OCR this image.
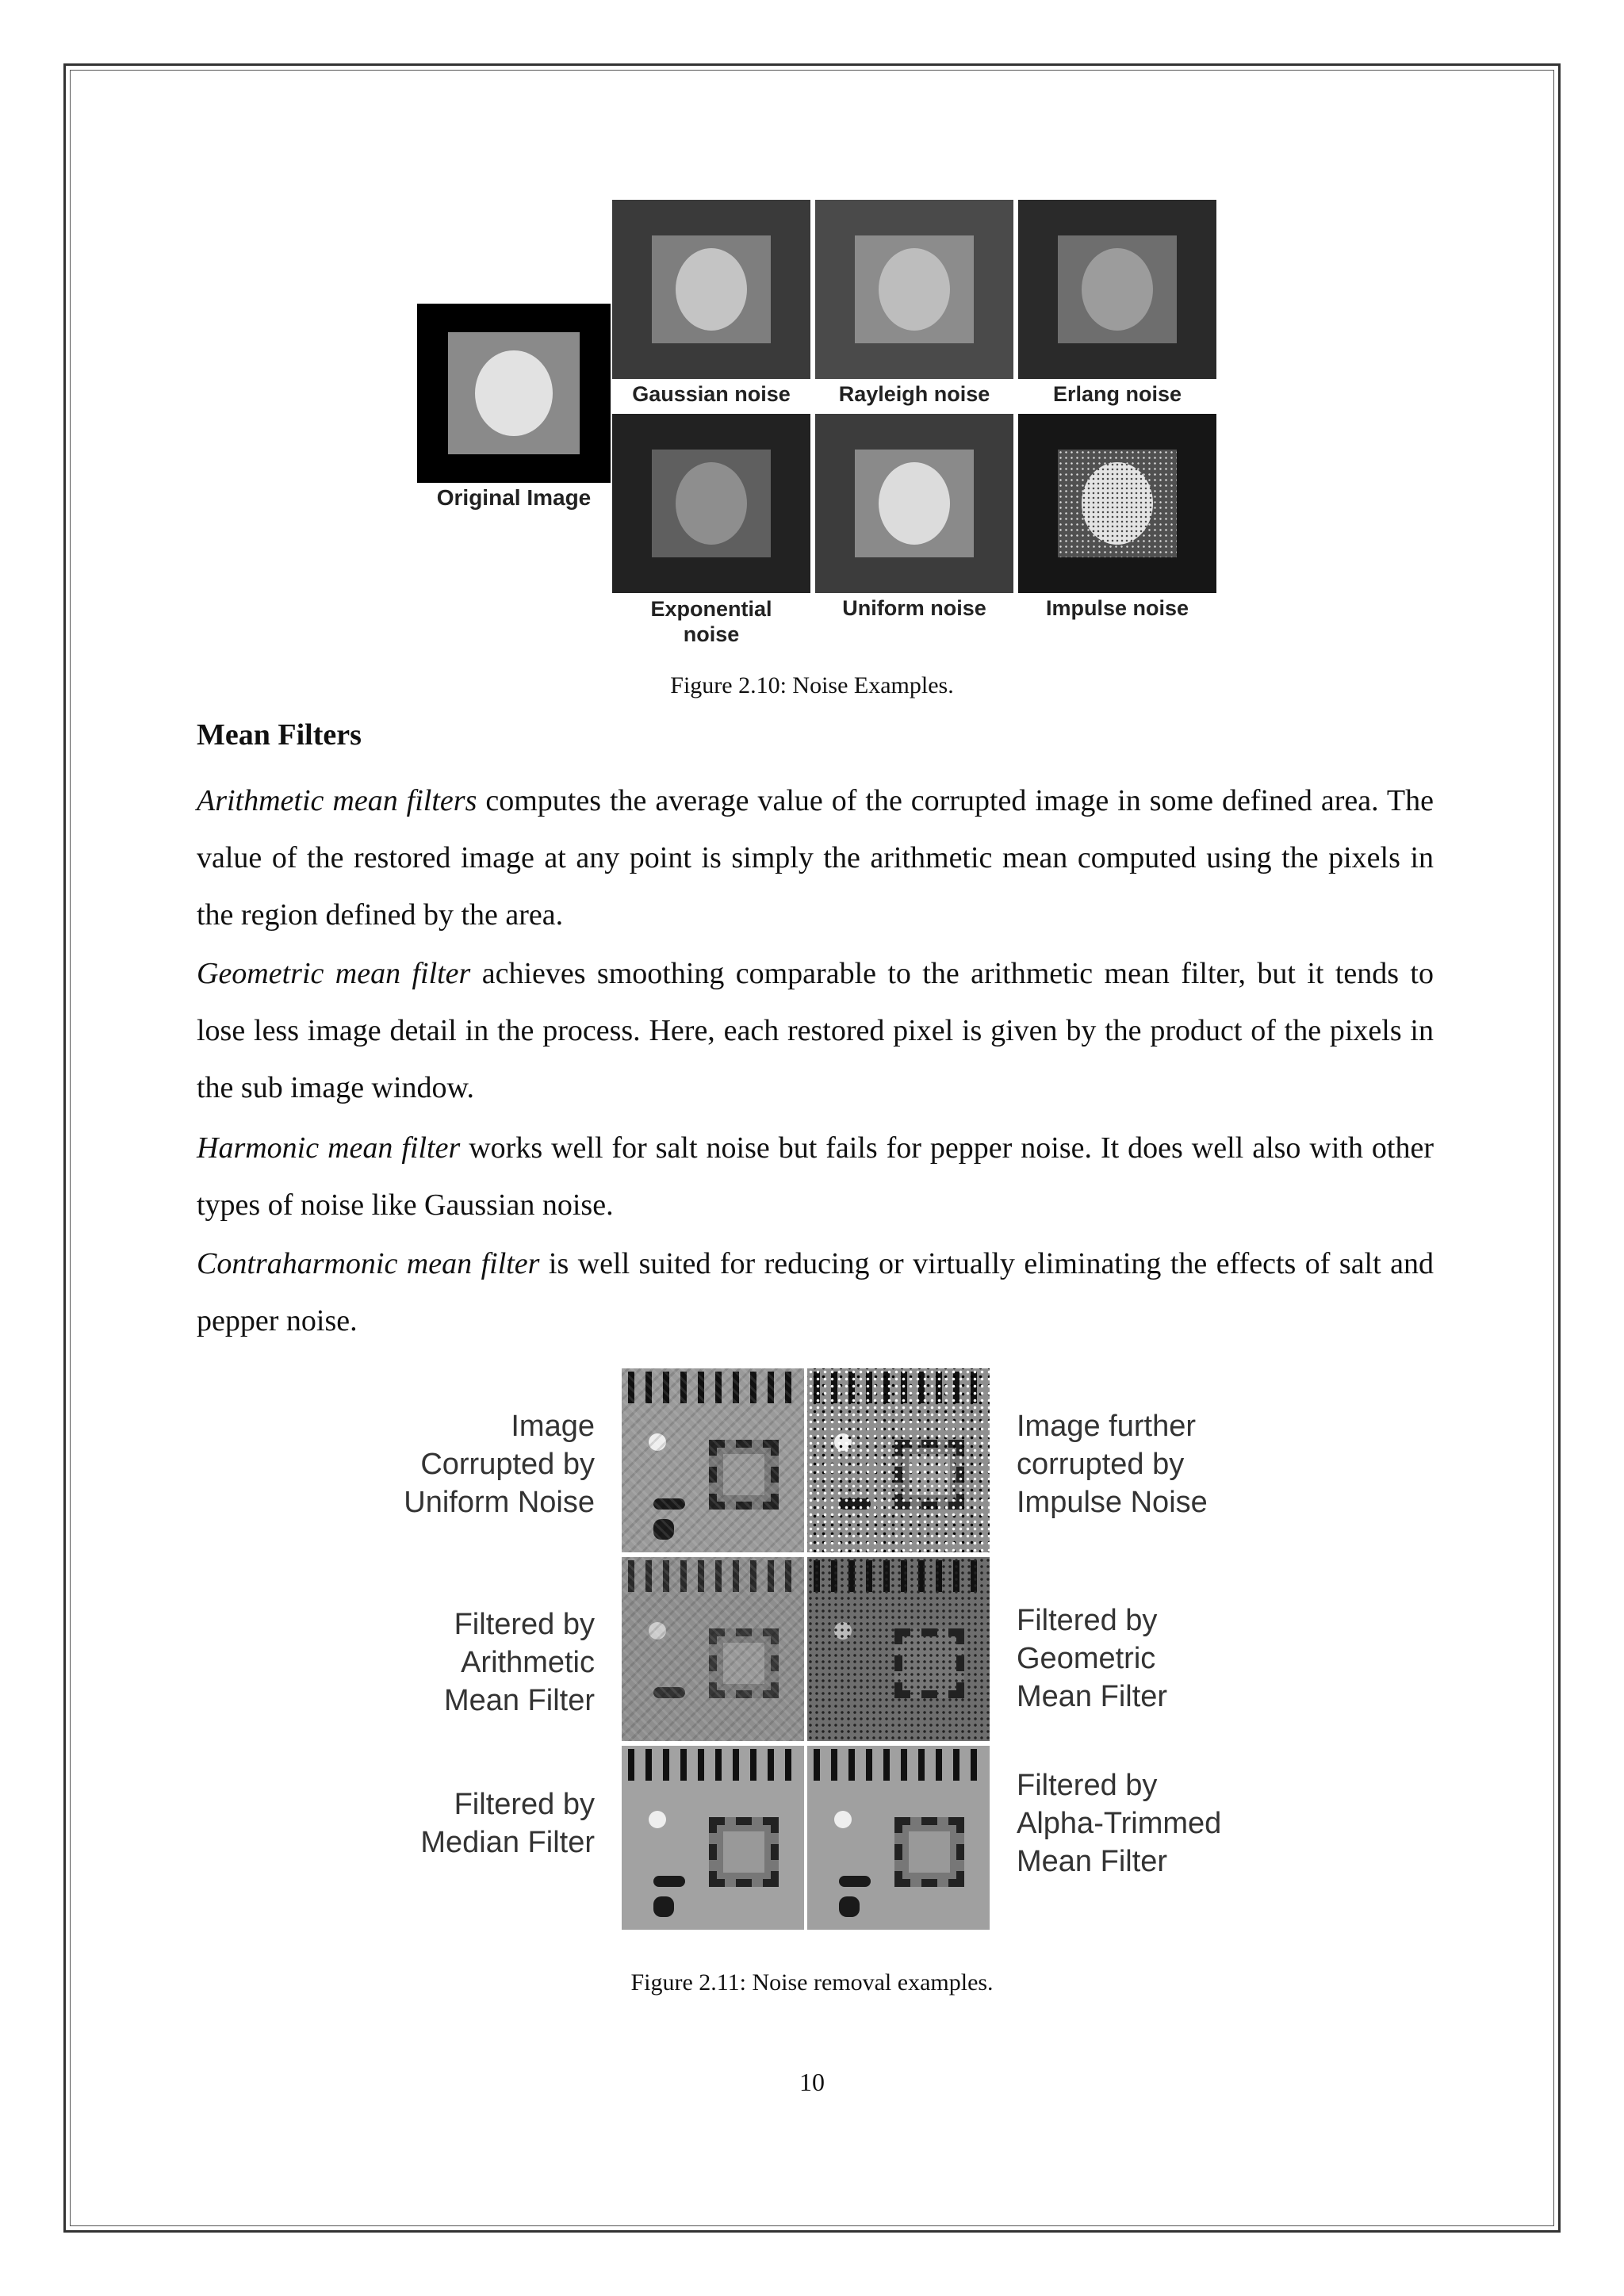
Original Image
Gaussian noise	Rayleigh noise	Erlang noise
Exponential
noise
Uniform noise	Impulse noise
Figure 2.10: Noise Examples.
Mean Filters

Arithmetic mean filters computes the average value of the corrupted image in some defined area. The value of the restored image at any point is simply the arithmetic mean computed using the pixels in the region defined by the area.

Geometric mean filter achieves smoothing comparable to the arithmetic mean filter, but it tends to lose less image detail in the process. Here, each restored pixel is given by the product of the pixels in the sub image window.

Harmonic mean filter works well for salt noise but fails for pepper noise. It does well also with other types of noise like Gaussian noise.

Contraharmonic mean filter is well suited for reducing or virtually eliminating the effects of salt and pepper noise.

Image
Corrupted by
Uniform Noise
Filtered by
Arithmetic
Mean Filter
Filtered by
Median Filter
Image further
corrupted by
Impulse Noise
Filtered by
Geometric
Mean Filter
Filtered by
Alpha-Trimmed
Mean Filter
Figure 2.11: Noise removal examples.
10
